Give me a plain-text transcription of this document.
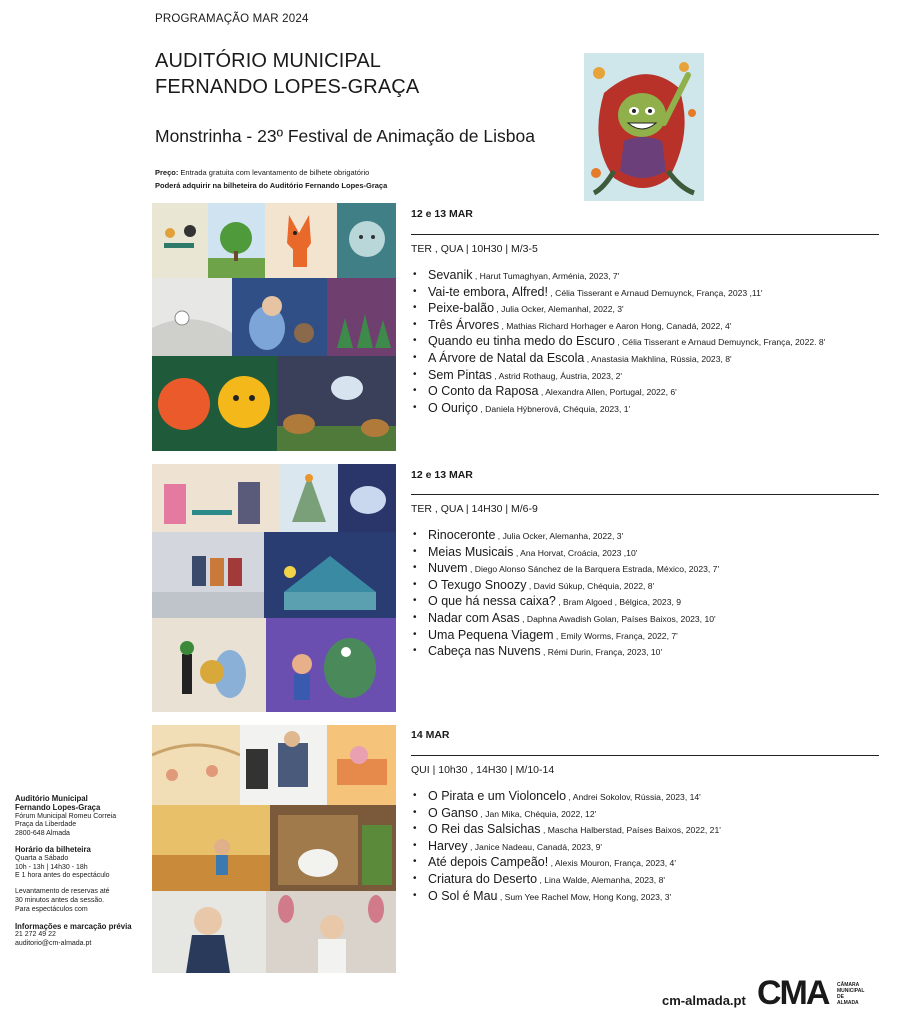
PROGRAMAÇÃO MAR 2024
AUDITÓRIO MUNICIPAL
FERNANDO LOPES-GRAÇA
Monstrinha - 23º Festival de Animação de Lisboa
Preço: Entrada gratuita com levantamento de bilhete obrigatório
Poderá adquirir na bilheteira do Auditório Fernando Lopes-Graça
12 e 13 MAR
TER , QUA | 10H30 | M/3-5
• Sevanik , Harut Tumaghyan, Arménia, 2023, 7'
• Vai-te embora, Alfred! , Célia Tisserant e Arnaud Demuynck, França, 2023 ,11'
• Peixe-balão , Julia Ocker, Alemanhal, 2022, 3'
• Três Árvores , Mathias Richard Horhager e Aaron Hong, Canadá, 2022, 4'
• Quando eu tinha medo do Escuro , Célia Tisserant e Arnaud Demuynck, França, 2022. 8'
• A Árvore de Natal da Escola , Anastasia Makhlina, Rússia, 2023, 8'
• Sem Pintas , Astrid Rothaug, Áustria, 2023, 2'
• O Conto da Raposa , Alexandra Allen, Portugal, 2022, 6'
• O Ouriço , Daniela Hýbnerová, Chéquia, 2023, 1'
12 e 13 MAR
TER , QUA | 14H30 | M/6-9
• Rinoceronte , Julia Ocker, Alemanha, 2022, 3'
• Meias Musicais , Ana Horvat, Croácia, 2023 ,10'
• Nuvem , Diego Alonso Sánchez de la Barquera Estrada, México, 2023, 7'
• O Texugo Snoozy , David Súkup, Chéquia, 2022, 8'
• O que há nessa caixa? , Bram Algoed , Bélgica, 2023, 9
• Nadar com Asas , Daphna Awadish Golan, Países Baixos, 2023, 10'
• Uma Pequena Viagem , Emily Worms, França, 2022, 7'
• Cabeça nas Nuvens , Rémi Durin, França, 2023, 10'
14 MAR
QUI | 10h30 , 14H30 | M/10-14
• O Pirata e um Violoncelo , Andrei Sokolov, Rússia, 2023, 14'
• O Ganso , Jan Mika, Chéquia, 2022, 12'
• O Rei das Salsichas , Mascha Halberstad, Países Baixos, 2022, 21'
• Harvey , Janice Nadeau, Canadá, 2023, 9'
• Até depois Campeão! , Alexis Mouron, França, 2023, 4'
• Criatura do Deserto , Lina Walde, Alemanha, 2023, 8'
• O Sol é Mau , Sum Yee Rachel Mow, Hong Kong, 2023, 3'
Auditório Municipal
Fernando Lopes-Graça
Fórum Municipal Romeu Correia
Praça da Liberdade
2800-648 Almada
Horário da bilheteira
Quarta a Sábado
10h - 13h | 14h30 - 18h
E 1 hora antes do espectáculo
Levantamento de reservas até
30 minutos antes da sessão.
Para espectáculos com
Informações e marcação prévia
21 272 49 22
auditorio@cm-almada.pt
cm-almada.pt CMA CÂMARA
MUNICIPAL
DE ALMADA
